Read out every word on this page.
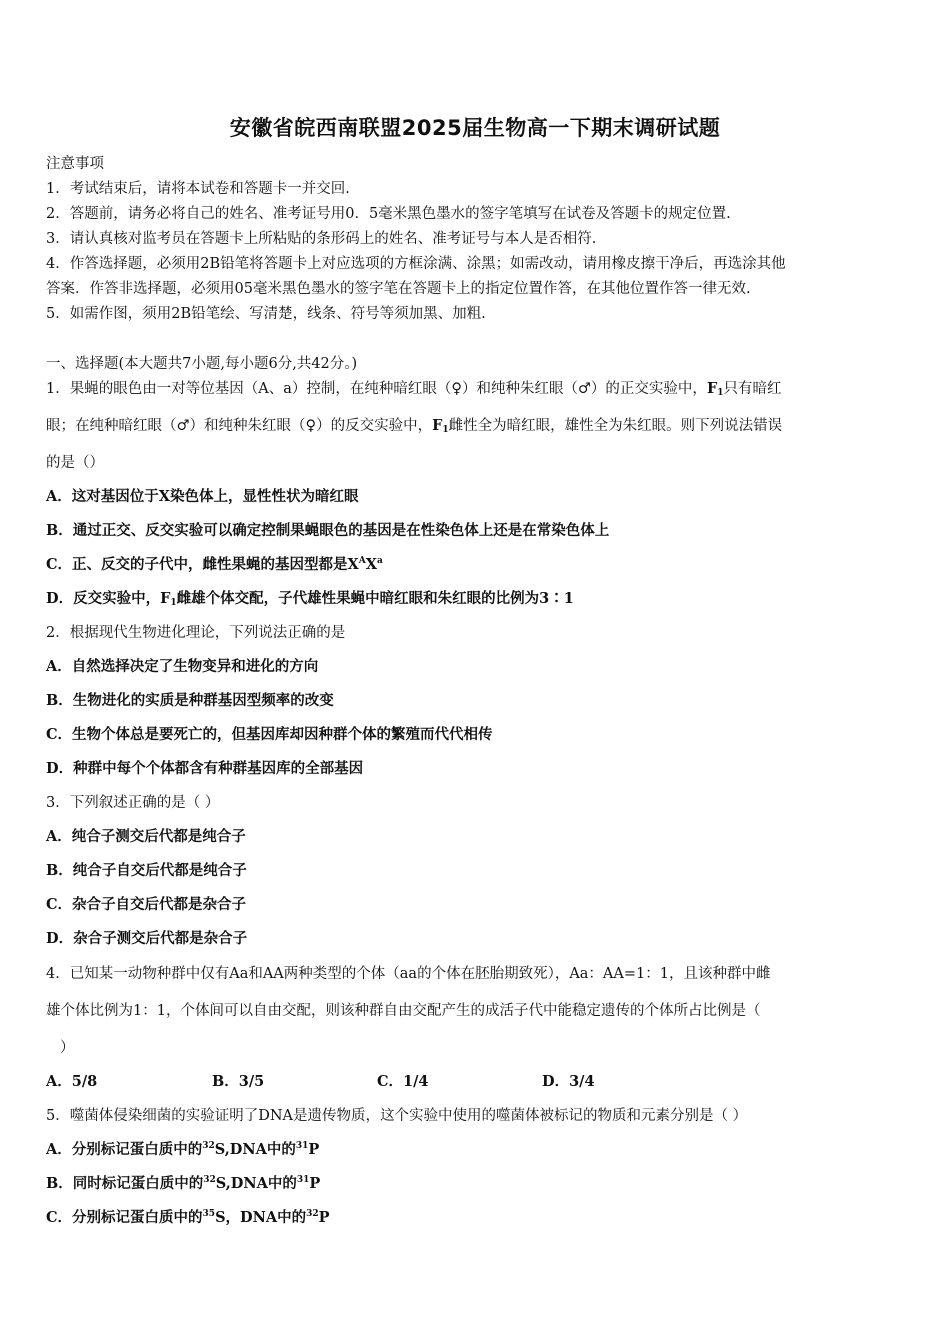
安徽省皖西南联盟2025届生物高一下期末调研试题
注意事项
1．考试结束后，请将本试卷和答题卡一并交回.
2．答题前，请务必将自己的姓名、准考证号用0．5毫米黑色墨水的签字笔填写在试卷及答题卡的规定位置.
3．请认真核对监考员在答题卡上所粘贴的条形码上的姓名、准考证号与本人是否相符.
4．作答选择题，必须用2B铅笔将答题卡上对应选项的方框涂满、涂黑；如需改动，请用橡皮擦干净后，再选涂其他
答案．作答非选择题，必须用05毫米黑色墨水的签字笔在答题卡上的指定位置作答，在其他位置作答一律无效.
5．如需作图，须用2B铅笔绘、写清楚，线条、符号等须加黑、加粗.
一、选择题(本大题共7小题,每小题6分,共42分。)
1．果蝇的眼色由一对等位基因（A、a）控制，在纯种暗红眼（♀）和纯种朱红眼（♂）的正交实验中，$F_1$只有暗红
眼；在纯种暗红眼（♂）和纯种朱红眼（♀）的反交实验中，$F_1$雌性全为暗红眼，雄性全为朱红眼。则下列说法错误
的是（）
A．这对基因位于X染色体上，显性性状为暗红眼
B．通过正交、反交实验可以确定控制果蝇眼色的基因是在性染色体上还是在常染色体上
C．正、反交的子代中，雌性果蝇的基因型都是$X^AX^a$
D．反交实验中，$F_1$雌雄个体交配，子代雄性果蝇中暗红眼和朱红眼的比例为3∶1
2．根据现代生物进化理论，下列说法正确的是
A．自然选择决定了生物变异和进化的方向
B．生物进化的实质是种群基因型频率的改变
C．生物个体总是要死亡的，但基因库却因种群个体的繁殖而代代相传
D．种群中每个个体都含有种群基因库的全部基因
3．下列叙述正确的是（ ）
A．纯合子测交后代都是纯合子
B．纯合子自交后代都是纯合子
C．杂合子自交后代都是杂合子
D．杂合子测交后代都是杂合子
4．已知某一动物种群中仅有Aa和AA两种类型的个体（aa的个体在胚胎期致死），Aa：AA=1：1，且该种群中雌
雄个体比例为1：1，个体间可以自由交配，则该种群自由交配产生的成活子代中能稳定遗传的个体所占比例是（
）
A．5/8	B．3/5	C．1/4	D．3/4
5．噬菌体侵染细菌的实验证明了DNA是遗传物质，这个实验中使用的噬菌体被标记的物质和元素分别是（ ）
A．分别标记蛋白质中的$^{32}$S,DNA中的$^{31}$P
B．同时标记蛋白质中的$^{32}$S,DNA中的$^{31}$P
C．分别标记蛋白质中的$^{35}$S，DNA中的$^{32}$P
